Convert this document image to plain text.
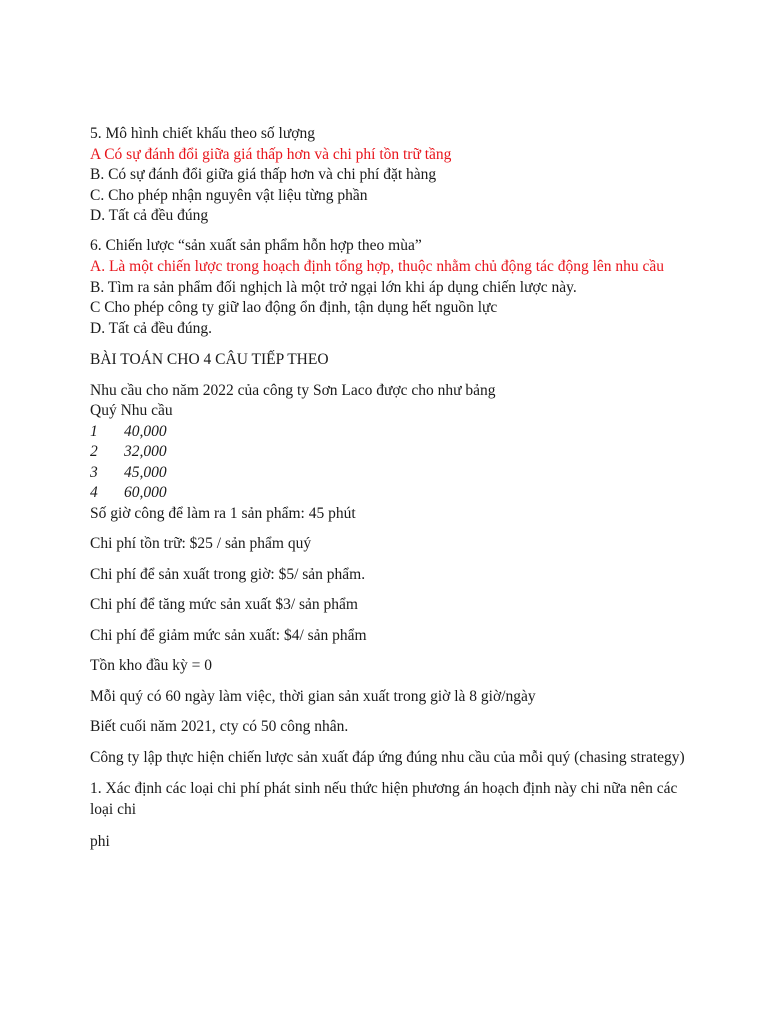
5. Mô hình chiết khấu theo số lượng
A Có sự đánh đổi giữa giá thấp hơn và chi phí tồn trữ tầng
B. Có sự đánh đổi giữa giá thấp hơn và chi phí đặt hàng
C. Cho phép nhận nguyên vật liệu từng phần
D. Tất cả đều đúng
6. Chiến lược “sản xuất sản phẩm hỗn hợp theo mùa”
A. Là một chiến lược trong hoạch định tổng hợp, thuộc nhằm chủ động tác động lên nhu cầu
B. Tìm ra sản phẩm đối nghịch là một trở ngại lớn khi áp dụng chiến lược này.
C Cho phép công ty giữ lao động ổn định, tận dụng hết nguồn lực
D. Tất cả đều đúng.
BÀI TOÁN CHO 4 CÂU TIẾP THEO
Nhu cầu cho năm 2022 của công ty Sơn Laco được cho như bảng
Quý Nhu cầu
1	40,000
2	32,000
3	45,000
4	60,000
Số giờ công để làm ra 1 sản phẩm: 45 phút
Chi phí tồn trữ: $25 / sản phẩm quý
Chi phí để sản xuất trong giờ: $5/ sản phẩm.
Chi phí để tăng mức sản xuất $3/ sản phẩm
Chi phí để giảm mức sản xuất: $4/ sản phẩm
Tồn kho đầu kỳ = 0
Mỗi quý có 60 ngày làm việc, thời gian sản xuất trong giờ là 8 giờ/ngày
Biết cuối năm 2021, cty có 50 công nhân.
Công ty lập thực hiện chiến lược sản xuất đáp ứng đúng nhu cầu của mỗi quý (chasing strategy)
1. Xác định các loại chi phí phát sinh nếu thức hiện phương án hoạch định này chi nữa nên các loại chi
phi
